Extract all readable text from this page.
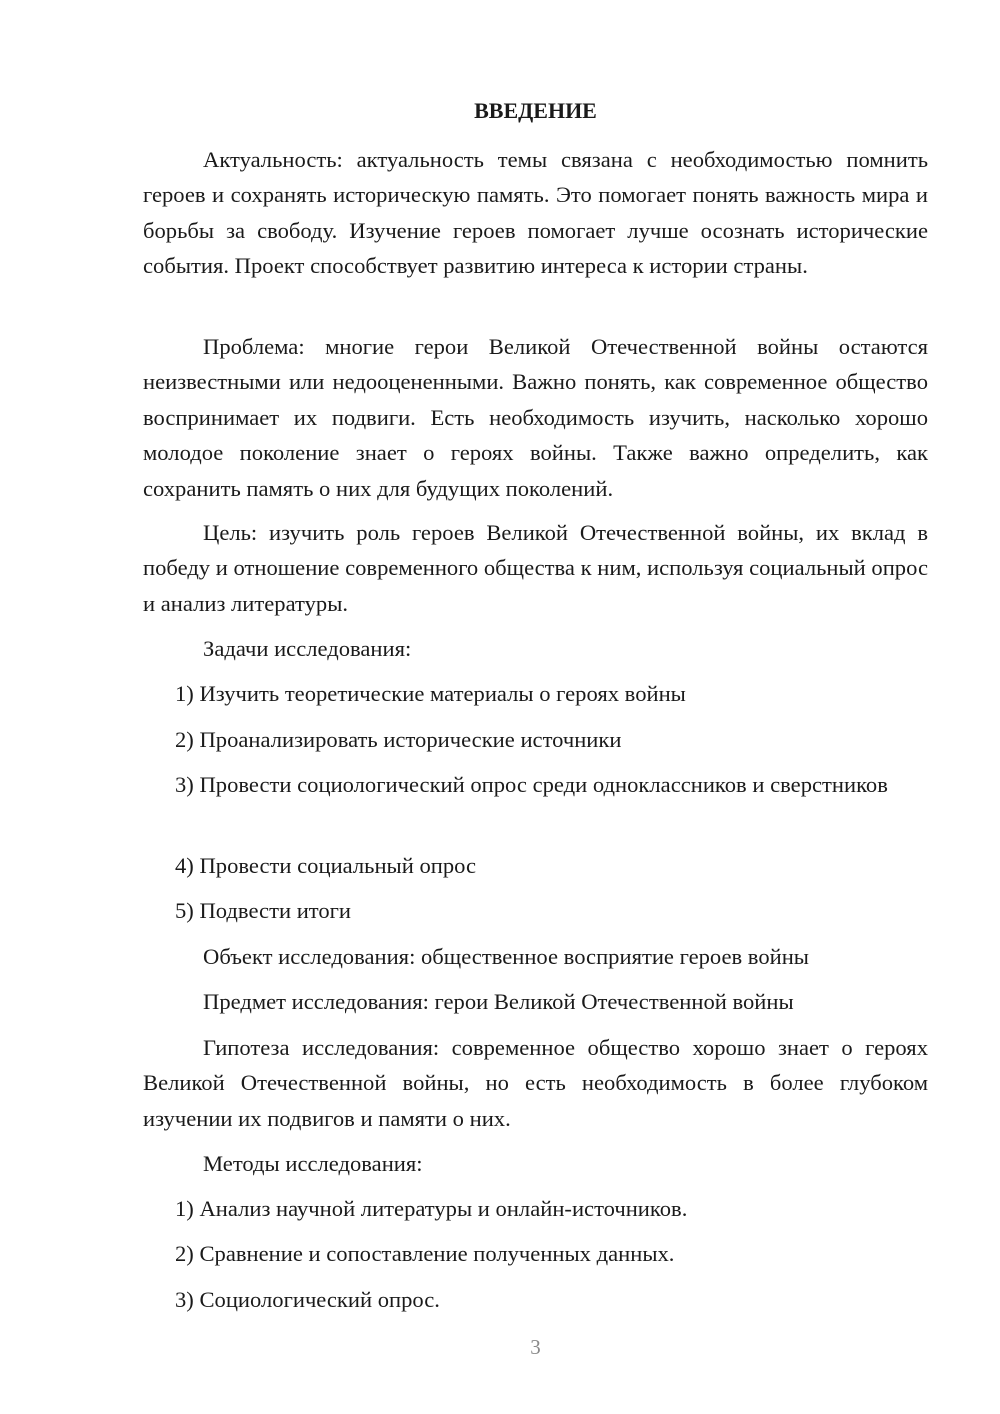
ВВЕДЕНИЕ

Актуальность: актуальность темы связана с необходимостью помнить героев и сохранять историческую память. Это помогает понять важность мира и борьбы за свободу. Изучение героев помогает лучше осознать исторические события. Проект способствует развитию интереса к истории страны.

Проблема: многие герои Великой Отечественной войны остаются неизвестными или недооцененными. Важно понять, как современное общество воспринимает их подвиги. Есть необходимость изучить, насколько хорошо молодое поколение знает о героях войны. Также важно определить, как сохранить память о них для будущих поколений.

Цель: изучить роль героев Великой Отечественной войны, их вклад в победу и отношение современного общества к ним, используя социальный опрос и анализ литературы.

Задачи исследования:

1) Изучить теоретические материалы о героях войны

2) Проанализировать исторические источники

3) Провести социологический опрос среди одноклассников и сверстников

4) Провести социальный опрос

5) Подвести итоги

Объект исследования: общественное восприятие героев войны

Предмет исследования: герои Великой Отечественной войны

Гипотеза исследования: современное общество хорошо знает о героях Великой Отечественной войны, но есть необходимость в более глубоком изучении их подвигов и памяти о них.

Методы исследования:

1) Анализ научной литературы и онлайн-источников.

2) Сравнение и сопоставление полученных данных.

3) Социологический опрос.

3
